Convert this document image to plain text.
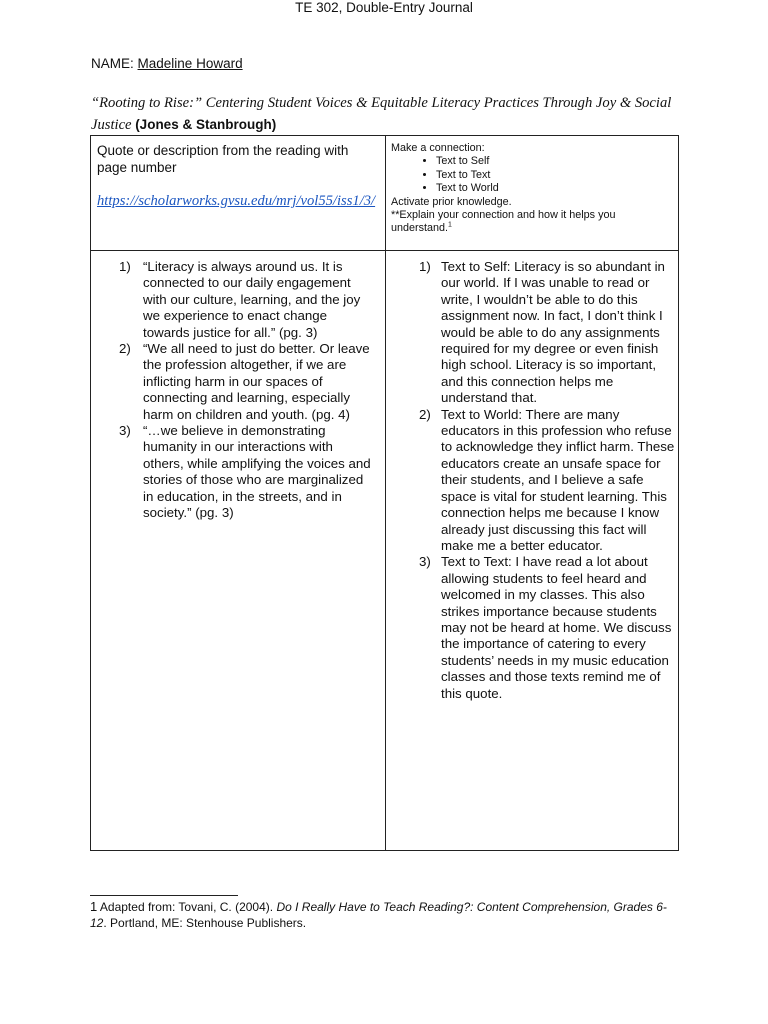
TE 302, Double-Entry Journal
NAME: Madeline Howard
“Rooting to Rise:” Centering Student Voices & Equitable Literacy Practices Through Joy & Social Justice (Jones & Stanbrough)
Quote or description from the reading with page number
https://scholarworks.gvsu.edu/mrj/vol55/iss1/3/
Make a connection:
• Text to Self
• Text to Text
• Text to World
Activate prior knowledge.
**Explain your connection and how it helps you understand.$^1$
1) “Literacy is always around us. It is connected to our daily engagement with our culture, learning, and the joy we experience to enact change towards justice for all.” (pg. 3)
2) “We all need to just do better. Or leave the profession altogether, if we are inflicting harm in our spaces of connecting and learning, especially harm on children and youth. (pg. 4)
3) “…we believe in demonstrating humanity in our interactions with others, while amplifying the voices and stories of those who are marginalized in education, in the streets, and in society.” (pg. 3)
1) Text to Self: Literacy is so abundant in our world. If I was unable to read or write, I wouldn’t be able to do this assignment now. In fact, I don’t think I would be able to do any assignments required for my degree or even finish high school. Literacy is so important, and this connection helps me understand that.
2) Text to World: There are many educators in this profession who refuse to acknowledge they inflict harm. These educators create an unsafe space for their students, and I believe a safe space is vital for student learning. This connection helps me because I know already just discussing this fact will make me a better educator.
3) Text to Text: I have read a lot about allowing students to feel heard and welcomed in my classes. This also strikes importance because students may not be heard at home. We discuss the importance of catering to every students’ needs in my music education classes and those texts remind me of this quote.
1 Adapted from: Tovani, C. (2004). Do I Really Have to Teach Reading?: Content Comprehension, Grades 6-12. Portland, ME: Stenhouse Publishers.
